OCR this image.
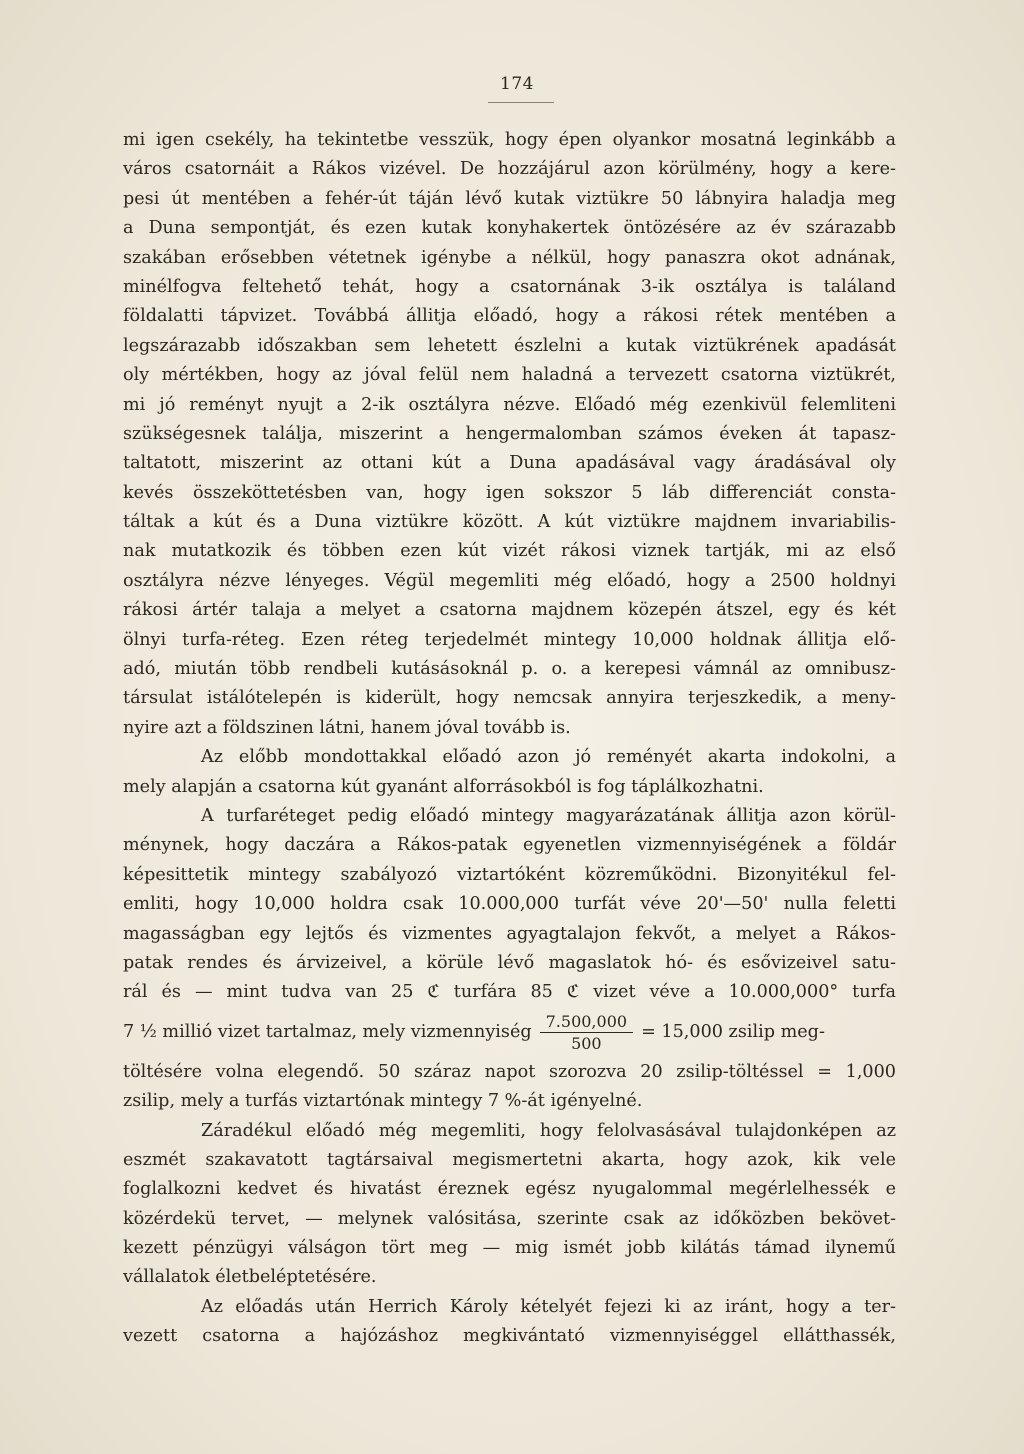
174
mi igen csekély, ha tekintetbe vesszük, hogy épen olyankor mosatná leginkább a
város csatornáit a Rákos vizével. De hozzájárul azon körülmény, hogy a kere-
pesi út mentében a fehér-út táján lévő kutak viztükre 50 lábnyira haladja meg
a Duna sempontját, és ezen kutak konyhakertek öntözésére az év szárazabb
szakában erősebben vétetnek igénybe a nélkül, hogy panaszra okot adnának,
minélfogva feltehető tehát, hogy a csatornának 3-ik osztálya is találand
földalatti tápvizet. Továbbá állitja előadó, hogy a rákosi rétek mentében a
legszárazabb időszakban sem lehetett észlelni a kutak viztükrének apadását
oly mértékben, hogy az jóval felül nem haladná a tervezett csatorna viztükrét,
mi jó reményt nyujt a 2-ik osztályra nézve. Előadó még ezenkivül felemliteni
szükségesnek találja, miszerint a hengermalomban számos éveken át tapasz-
taltatott, miszerint az ottani kút a Duna apadásával vagy áradásával oly
kevés összeköttetésben van, hogy igen sokszor 5 láb differenciát consta-
táltak a kút és a Duna viztükre között. A kút viztükre majdnem invariabilis-
nak mutatkozik és többen ezen kút vizét rákosi viznek tartják, mi az első
osztályra nézve lényeges. Végül megemliti még előadó, hogy a 2500 holdnyi
rákosi ártér talaja a melyet a csatorna majdnem közepén átszel, egy és két
ölnyi turfa-réteg. Ezen réteg terjedelmét mintegy 10,000 holdnak állitja elő-
adó, miután több rendbeli kutásásoknál p. o. a kerepesi vámnál az omnibusz-
társulat istálótelepén is kiderült, hogy nemcsak annyira terjeszkedik, a meny-
nyire azt a földszinen látni, hanem jóval tovább is.
Az előbb mondottakkal előadó azon jó reményét akarta indokolni, a
mely alapján a csatorna kút gyanánt alforrásokból is fog táplálkozhatni.
A turfaréteget pedig előadó mintegy magyarázatának állitja azon körül-
ménynek, hogy daczára a Rákos-patak egyenetlen vizmennyiségének a földár
képesittetik mintegy szabályozó viztartóként közreműködni. Bizonyitékul fel-
emliti, hogy 10,000 holdra csak 10.000,000 turfát véve 20'—50' nulla feletti
magasságban egy lejtős és vizmentes agyagtalajon fekvőt, a melyet a Rákos-
patak rendes és árvizeivel, a körüle lévő magaslatok hó- és esővizeivel satu-
rál és — mint tudva van 25 ℭ turfára 85 ℭ vizet véve a 10.000,000° turfa
7 ½ millió vizet tartalmaz, mely vizmennyiség $\frac{7.500,000}{500} = 15,000$ zsilip meg-
töltésére volna elegendő. 50 száraz napot szorozva 20 zsilip-töltéssel = 1,000
zsilip, mely a turfás viztartónak mintegy 7 %-át igényelné.
Záradékul előadó még megemliti, hogy felolvasásával tulajdonképen az
eszmét szakavatott tagtársaival megismertetni akarta, hogy azok, kik vele
foglalkozni kedvet és hivatást éreznek egész nyugalommal megérlelhessék e
közérdekü tervet, — melynek valósitása, szerinte csak az időközben bekövet-
kezett pénzügyi válságon tört meg — mig ismét jobb kilátás támad ilynemű
vállalatok életbeléptetésére.
Az előadás után Herrich Károly kételyét fejezi ki az iránt, hogy a ter-
vezett csatorna a hajózáshoz megkivántató vizmennyiséggel ellátthassék,
